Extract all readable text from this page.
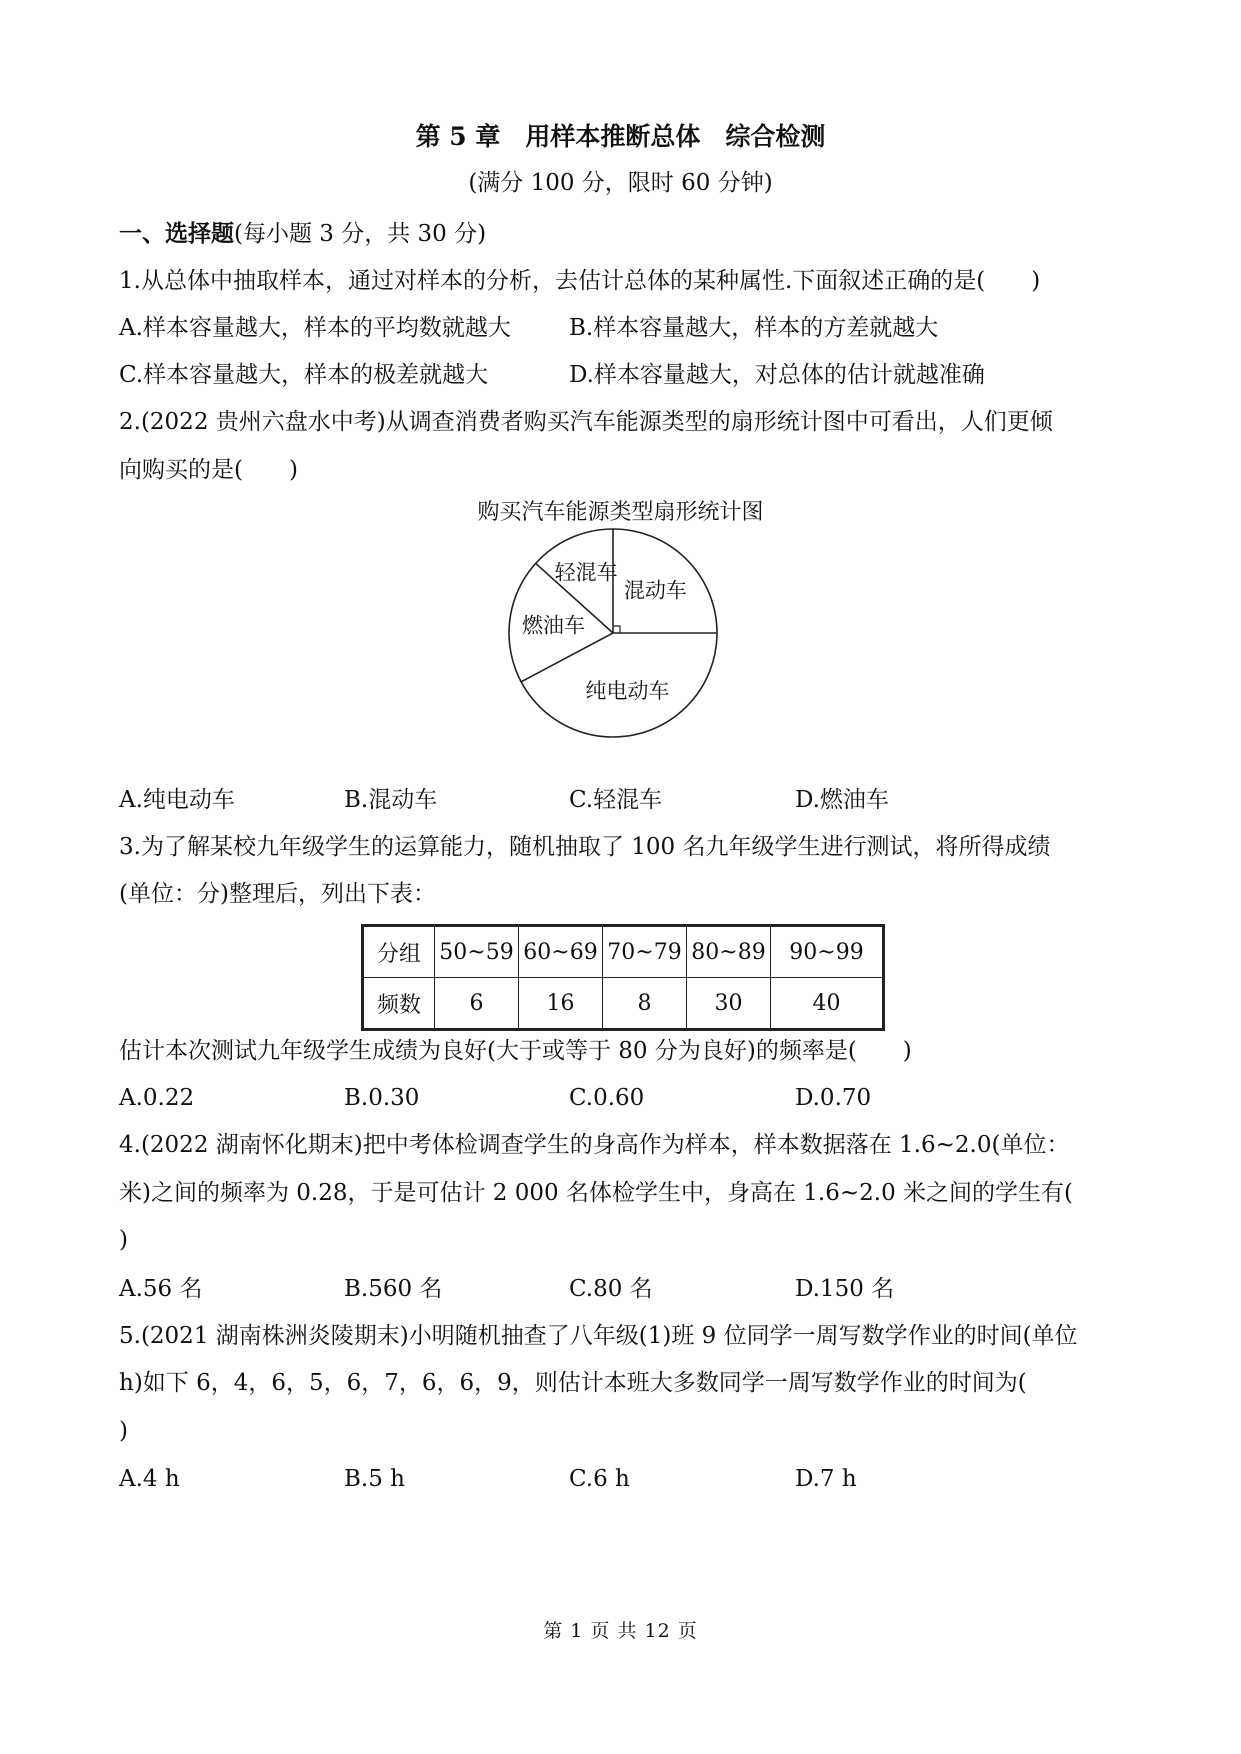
第 5 章　用样本推断总体　综合检测
(满分 100 分，限时 60 分钟)
一、选择题(每小题 3 分，共 30 分)
1.从总体中抽取样本，通过对样本的分析，去估计总体的某种属性.下面叙述正确的是(　　)
A.样本容量越大，样本的平均数就越大	B.样本容量越大，样本的方差就越大
C.样本容量越大，样本的极差就越大	D.样本容量越大，对总体的估计就越准确
2.(2022 贵州六盘水中考)从调查消费者购买汽车能源类型的扇形统计图中可看出，人们更倾
向购买的是(　　)
购买汽车能源类型扇形统计图
混动车
纯电动车
燃油车
轻混车
A.纯电动车	B.混动车	C.轻混车	D.燃油车
3.为了解某校九年级学生的运算能力，随机抽取了 100 名九年级学生进行测试，将所得成绩
(单位：分)整理后，列出下表：
分组	50~59	60~69	70~79	80~89	90~99
频数	6	16	8	30	40
估计本次测试九年级学生成绩为良好(大于或等于 80 分为良好)的频率是(　　)
A.0.22	B.0.30	C.0.60	D.0.70
4.(2022 湖南怀化期末)把中考体检调查学生的身高作为样本，样本数据落在 1.6~2.0(单位：
米)之间的频率为 0.28，于是可估计 2 000 名体检学生中，身高在 1.6~2.0 米之间的学生有(
)
A.56 名	B.560 名	C.80 名	D.150 名
5.(2021 湖南株洲炎陵期末)小明随机抽查了八年级(1)班 9 位同学一周写数学作业的时间(单位
h)如下 6，4，6，5，6，7，6，6，9，则估计本班大多数同学一周写数学作业的时间为(
)
A.4 h	B.5 h	C.6 h	D.7 h
第 1 页 共 12 页
